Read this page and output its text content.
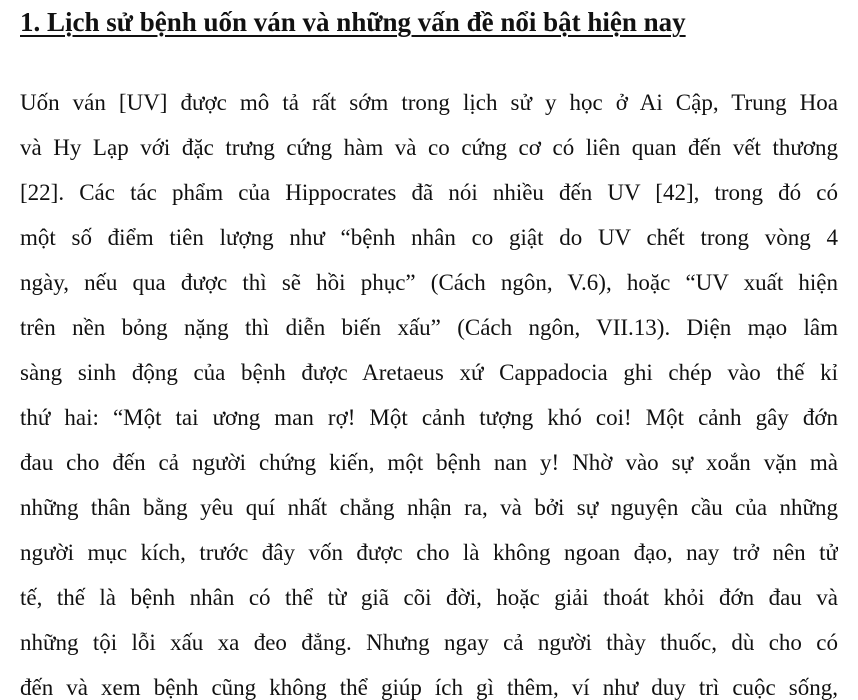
1. Lịch sử bệnh uốn ván và những vấn đề nổi bật hiện nay
Uốn ván [UV] được mô tả rất sớm trong lịch sử y học ở Ai Cập, Trung Hoa
và Hy Lạp với đặc trưng cứng hàm và co cứng cơ có liên quan đến vết thương
[22]. Các tác phẩm của Hippocrates đã nói nhiều đến UV [42], trong đó có
một số điểm tiên lượng như “bệnh nhân co giật do UV chết trong vòng 4
ngày, nếu qua được thì sẽ hồi phục” (Cách ngôn, V.6), hoặc “UV xuất hiện
trên nền bỏng nặng thì diễn biến xấu” (Cách ngôn, VII.13). Diện mạo lâm
sàng sinh động của bệnh được Aretaeus xứ Cappadocia ghi chép vào thế kỉ
thứ hai: “Một tai ương man rợ! Một cảnh tượng khó coi! Một cảnh gây đớn
đau cho đến cả người chứng kiến, một bệnh nan y! Nhờ vào sự xoắn vặn mà
những thân bằng yêu quí nhất chẳng nhận ra, và bởi sự nguyện cầu của những
người mục kích, trước đây vốn được cho là không ngoan đạo, nay trở nên tử
tế, thế là bệnh nhân có thể từ giã cõi đời, hoặc giải thoát khỏi đớn đau và
những tội lỗi xấu xa đeo đẳng. Nhưng ngay cả người thày thuốc, dù cho có
đến và xem bệnh cũng không thể giúp ích gì thêm, ví như duy trì cuộc sống,
